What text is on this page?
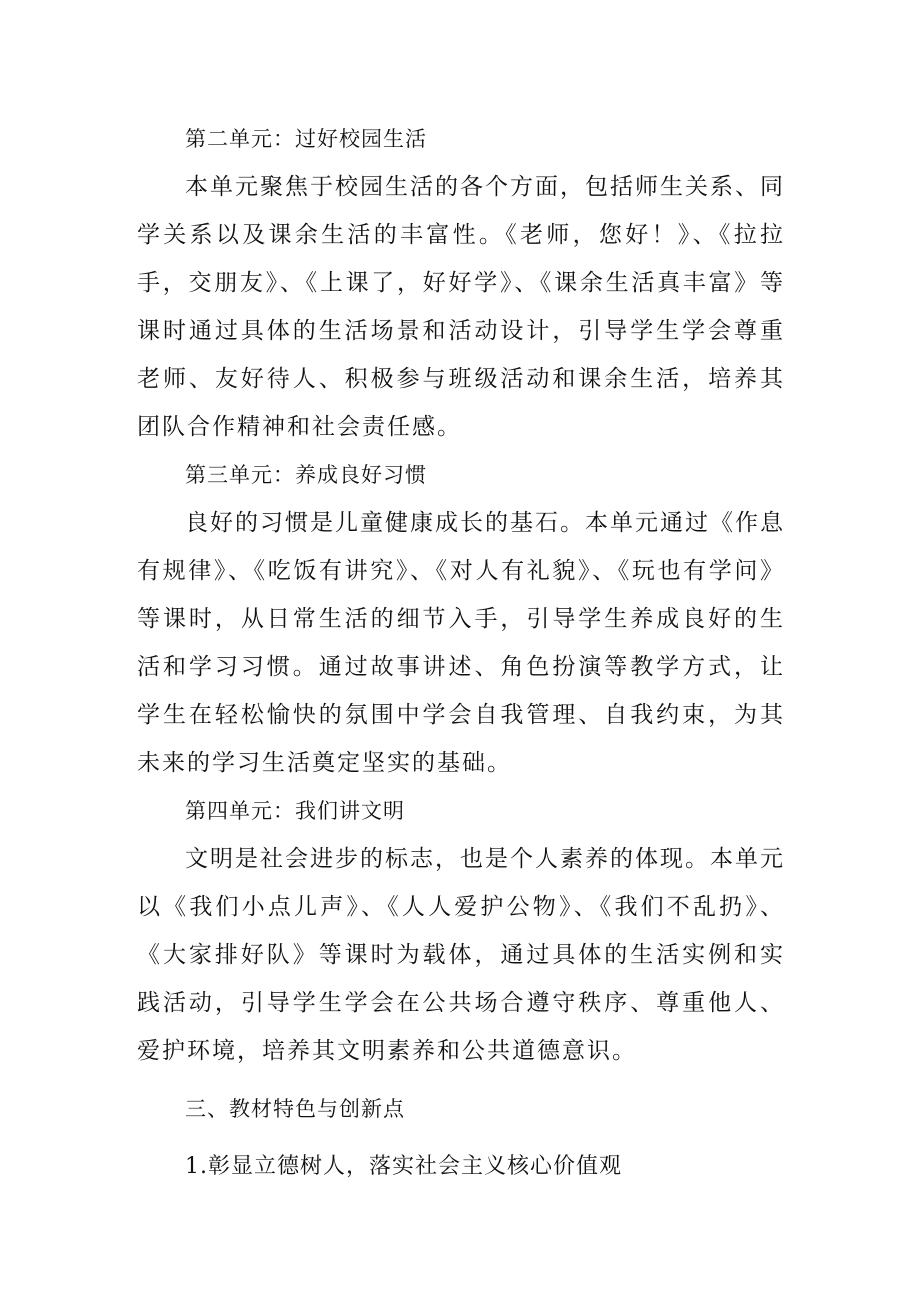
第二单元：过好校园生活

本单元聚焦于校园生活的各个方面，包括师生关系、同学关系以及课余生活的丰富性。《老师，您好！》、《拉拉手，交朋友》、《上课了，好好学》、《课余生活真丰富》等课时通过具体的生活场景和活动设计，引导学生学会尊重老师、友好待人、积极参与班级活动和课余生活，培养其团队合作精神和社会责任感。

第三单元：养成良好习惯

良好的习惯是儿童健康成长的基石。本单元通过《作息有规律》、《吃饭有讲究》、《对人有礼貌》、《玩也有学问》等课时，从日常生活的细节入手，引导学生养成良好的生活和学习习惯。通过故事讲述、角色扮演等教学方式，让学生在轻松愉快的氛围中学会自我管理、自我约束，为其未来的学习生活奠定坚实的基础。

第四单元：我们讲文明

文明是社会进步的标志，也是个人素养的体现。本单元以《我们小点儿声》、《人人爱护公物》、《我们不乱扔》、《大家排好队》等课时为载体，通过具体的生活实例和实践活动，引导学生学会在公共场合遵守秩序、尊重他人、爱护环境，培养其文明素养和公共道德意识。

三、教材特色与创新点
1.彰显立德树人，落实社会主义核心价值观
